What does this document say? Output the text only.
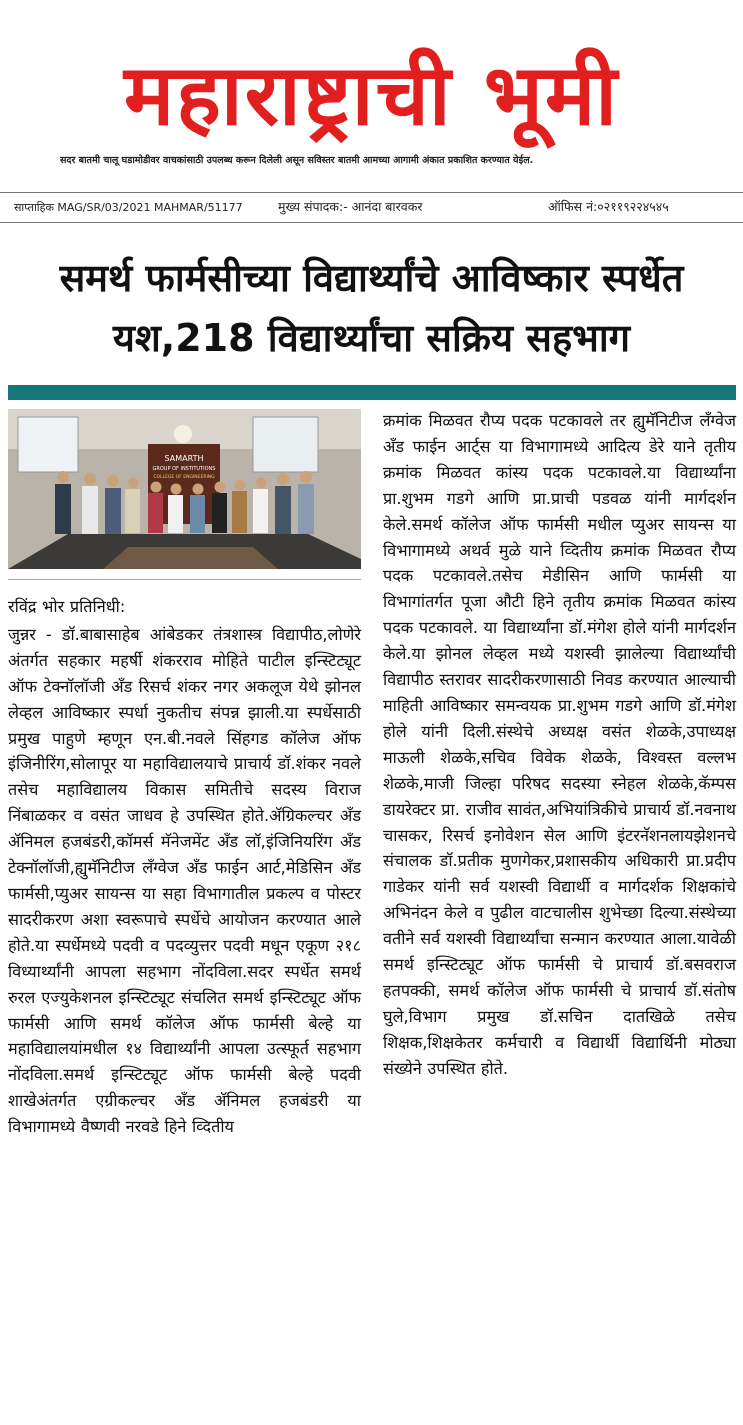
महाराष्ट्राची भूमी
सदर बातमी चालू घडामोडीवर वाचकांसाठी उपलब्ध करून दिलेली असून सविस्तर बातमी आमच्या आगामी अंकात प्रकाशित करण्यात येईल.
साप्ताहिक MAG/SR/03/2021 MAHMAR/51177	मुख्य संपादक:- आनंदा बारवकर	ऑफिस नं:०२११९२२४५४५
समर्थ फार्मसीच्या विद्यार्थ्यांचे आविष्कार स्पर्धेत
यश,218 विद्यार्थ्यांचा सक्रिय सहभाग
SAMARTH
GROUP OF INSTITUTIONS
COLLEGE OF ENGINEERING

रविंद्र भोर प्रतिनिधी:

जुन्नर - डॉ.बाबासाहेब आंबेडकर तंत्रशास्त्र विद्यापीठ,लोणेरे अंतर्गत सहकार महर्षी शंकरराव मोहिते पाटील इन्स्टिट्यूट ऑफ टेक्नॉलॉजी अँड रिसर्च शंकर नगर अकलूज येथे झोनल लेव्हल आविष्कार स्पर्धा नुकतीच संपन्न झाली.या स्पर्धेसाठी प्रमुख पाहुणे म्हणून एन.बी.नवले सिंहगड कॉलेज ऑफ इंजिनीरिंग,सोलापूर या महाविद्यालयाचे प्राचार्य डॉ.शंकर नवले तसेच महाविद्यालय विकास समितीचे सदस्य विराज निंबाळकर व वसंत जाधव हे उपस्थित होते.ॲग्रिकल्चर अँड ॲनिमल हजबंडरी,कॉमर्स मॅनेजमेंट अँड लॉ,इंजिनियरिंग अँड टेक्नॉलॉजी,ह्युमॅनिटीज लॅंग्वेज अँड फाईन आर्ट,मेडिसिन अँड फार्मसी,प्युअर सायन्स या सहा विभागातील प्रकल्प व पोस्टर सादरीकरण अशा स्वरूपाचे स्पर्धेचे आयोजन करण्यात आले होते.या स्पर्धेमध्ये पदवी व पदव्युत्तर पदवी मधून एकूण २१८ विध्यार्थ्यांनी आपला सहभाग नोंदविला.सदर स्पर्धेत समर्थ रुरल एज्युकेशनल इन्स्टिट्यूट संचलित समर्थ इन्स्टिट्यूट ऑफ फार्मसी आणि समर्थ कॉलेज ऑफ फार्मसी बेल्हे या महाविद्यालयांमधील १४ विद्यार्थ्यांनी आपला उत्स्फूर्त सहभाग नोंदविला.समर्थ इन्स्टिट्यूट ऑफ फार्मसी बेल्हे पदवी शाखेअंतर्गत एग्रीकल्चर अँड ॲनिमल हजबंडरी या विभागामध्ये वैष्णवी नरवडे हिने व्दितीय

क्रमांक मिळवत रौप्य पदक पटकावले तर ह्युमॅनिटीज लॅंग्वेज अँड फाईन आर्ट्स या विभागामध्ये आदित्य डेरे याने तृतीय क्रमांक मिळवत कांस्य पदक पटकावले.या विद्यार्थ्यांना प्रा.शुभम गडगे आणि प्रा.प्राची पडवळ यांनी मार्गदर्शन केले.समर्थ कॉलेज ऑफ फार्मसी मधील प्युअर सायन्स या विभागामध्ये अथर्व मुळे याने व्दितीय क्रमांक मिळवत रौप्य पदक पटकावले.तसेच मेडीसिन आणि फार्मसी या विभागांतर्गत पूजा औटी हिने तृतीय क्रमांक मिळवत कांस्य पदक पटकावले. या विद्यार्थ्यांना डॉ.मंगेश होले यांनी मार्गदर्शन केले.या झोनल लेव्हल मध्ये यशस्वी झालेल्या विद्यार्थ्यांची विद्यापीठ स्तरावर सादरीकरणासाठी निवड करण्यात आल्याची माहिती आविष्कार समन्वयक प्रा.शुभम गडगे आणि डॉ.मंगेश होले यांनी दिली.संस्थेचे अध्यक्ष वसंत शेळके,उपाध्यक्ष माऊली शेळके,सचिव विवेक शेळके, विश्वस्त वल्लभ शेळके,माजी जिल्हा परिषद सदस्या स्नेहल शेळके,कॅम्पस डायरेक्टर प्रा. राजीव सावंत,अभियांत्रिकीचे प्राचार्य डॉ.नवनाथ चासकर, रिसर्च इनोवेशन सेल आणि इंटरनॅशनलायझेशनचे संचालक डॉ.प्रतीक मुणगेकर,प्रशासकीय अधिकारी प्रा.प्रदीप गाडेकर यांनी सर्व यशस्वी विद्यार्थी व मार्गदर्शक शिक्षकांचे अभिनंदन केले व पुढील वाटचालीस शुभेच्छा दिल्या.संस्थेच्या वतीने सर्व यशस्वी विद्यार्थ्यांचा सन्मान करण्यात आला.यावेळी समर्थ इन्स्टिट्यूट ऑफ फार्मसी चे प्राचार्य डॉ.बसवराज हतपक्की, समर्थ कॉलेज ऑफ फार्मसी चे प्राचार्य डॉ.संतोष घुले,विभाग प्रमुख डॉ.सचिन दातखिळे तसेच शिक्षक,शिक्षकेतर कर्मचारी व विद्यार्थी विद्यार्थिनी मोठ्या संख्येने उपस्थित होते.
